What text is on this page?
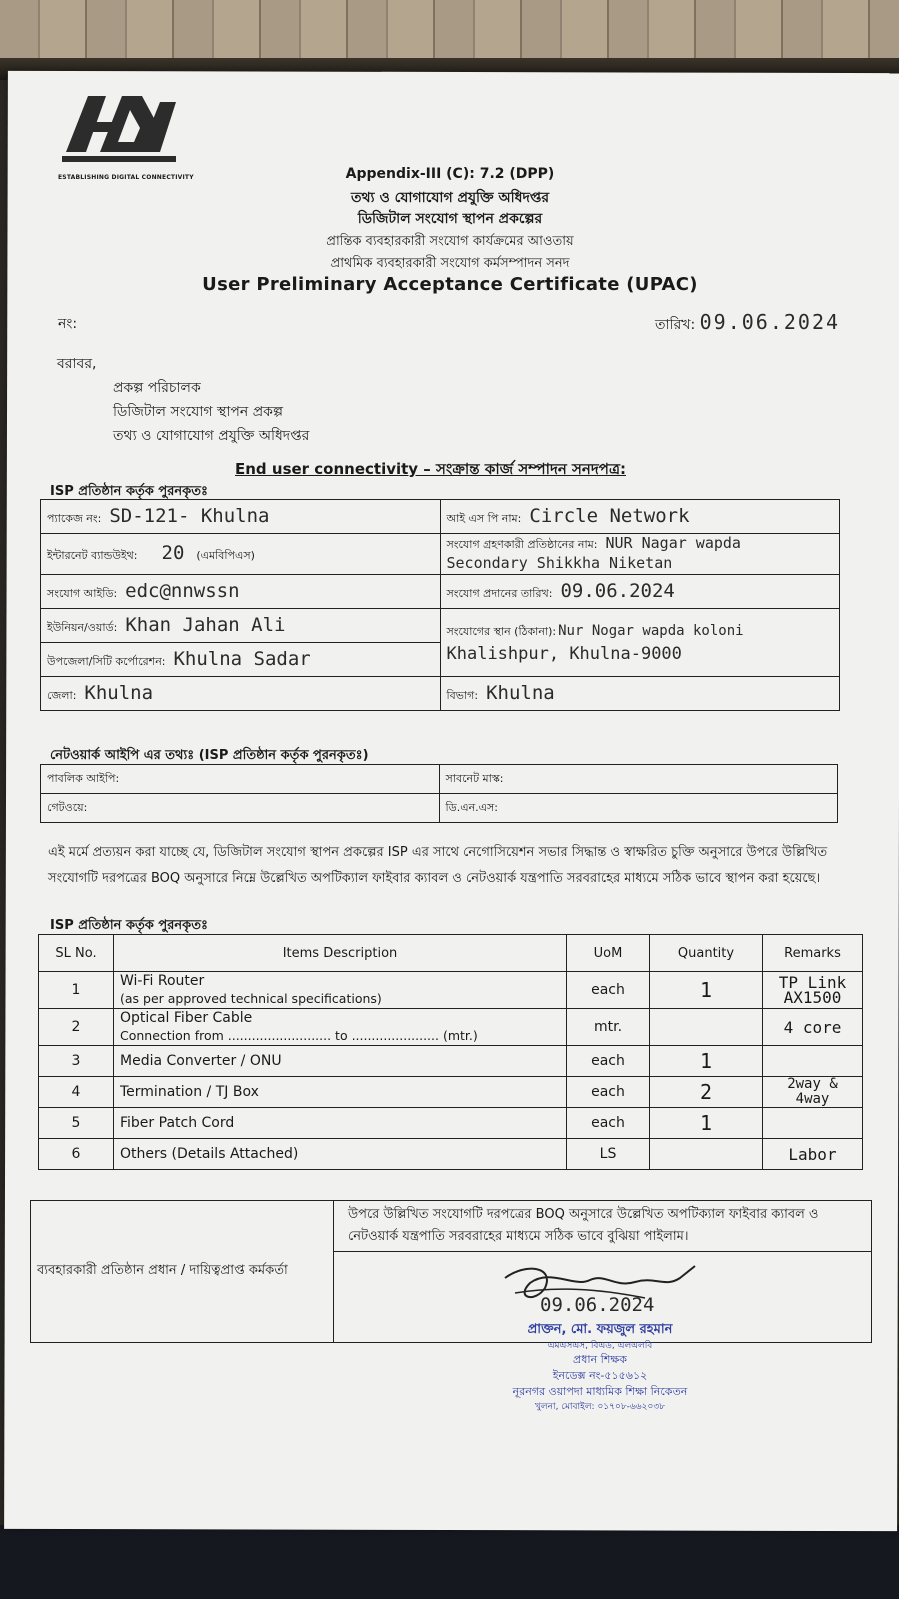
ESTABLISHING DIGITAL CONNECTIVITY	Appendix-III (C): 7.2 (DPP)
তথ্য ও যোগাযোগ প্রযুক্তি অধিদপ্তর
ডিজিটাল সংযোগ স্থাপন প্রকল্পের
প্রান্তিক ব্যবহারকারী সংযোগ কার্যক্রমের আওতায়
প্রাথমিক ব্যবহারকারী সংযোগ কর্মসম্পাদন সনদ
User Preliminary Acceptance Certificate (UPAC)
নং:	তারিখ: 09.06.2024
বরাবর,
প্রকল্প পরিচালক
ডিজিটাল সংযোগ স্থাপন প্রকল্প
তথ্য ও যোগাযোগ প্রযুক্তি অধিদপ্তর
End user connectivity – সংক্রান্ত কার্জ সম্পাদন সনদপত্র:
ISP প্রতিষ্ঠান কর্তৃক পুরনকৃতঃ
প্যাকেজ নং: SD-121- Khulna	আই এস পি নাম: Circle Network
ইন্টারনেট ব্যান্ডউইথ: 20 (এমবিপিএস)	সংযোগ গ্রহণকারী প্রতিষ্ঠানের নাম: NUR Nagar wapda
Secondary Shikkha Niketan
সংযোগ আইডি: edc@nnwssn	সংযোগ প্রদানের তারিখ: 09.06.2024
ইউনিয়ন/ওয়ার্ড: Khan Jahan Ali	সংযোগের স্থান (ঠিকানা): Nur Nogar wapda koloni
Khalishpur, Khulna-9000
উপজেলা/সিটি কর্পোরেশন: Khulna Sadar	
জেলা: Khulna	বিভাগ: Khulna
নেটওয়ার্ক আইপি এর তথ্যঃ (ISP প্রতিষ্ঠান কর্তৃক পুরনকৃতঃ)
পাবলিক আইপি:	সাবনেট মাস্ক:
গেটওয়ে:	ডি.এন.এস:
এই মর্মে প্রত্যয়ন করা যাচ্ছে যে, ডিজিটাল সংযোগ স্থাপন প্রকল্পের ISP এর সাথে নেগোসিয়েশন সভার সিদ্ধান্ত ও স্বাক্ষরিত চুক্তি অনুসারে উপরে উল্লিখিত সংযোগটি দরপত্রের BOQ অনুসারে নিম্নে উল্লেখিত অপটিক্যাল ফাইবার ক্যাবল ও নেটওয়ার্ক যন্ত্রপাতি সরবরাহের মাধ্যমে সঠিক ভাবে স্থাপন করা হয়েছে।
ISP প্রতিষ্ঠান কর্তৃক পুরনকৃতঃ
SL No.	Items Description	UoM	Quantity	Remarks
1	Wi-Fi Router
(as per approved technical specifications)	each	1	TP Link AX1500
2	Optical Fiber Cable
Connection from .......................... to ...................... (mtr.)	mtr.		4 core
3	Media Converter / ONU	each	1	
4	Termination / TJ Box	each	2	2way & 4way
5	Fiber Patch Cord	each	1	
6	Others (Details Attached)	LS		Labor
ব্যবহারকারী প্রতিষ্ঠান প্রধান / দায়িত্বপ্রাপ্ত কর্মকর্তা	উপরে উল্লিখিত সংযোগটি দরপত্রের BOQ অনুসারে উল্লেখিত অপটিক্যাল ফাইবার ক্যাবল ও নেটওয়ার্ক যন্ত্রপাতি সরবরাহের মাধ্যমে সঠিক ভাবে বুঝিয়া পাইলাম।

09.06.2024
প্রাক্তন, মো. ফয়জুল রহমান
এমএসএস, বিএড, এলএলবি
প্রধান শিক্ষক
ইনডেক্স নং-৫১৫৬১২
নূরনগর ওয়াপদা মাধ্যমিক শিক্ষা নিকেতন
খুলনা, মোবাইল: ০১৭০৮-৬৬২০৩৮
